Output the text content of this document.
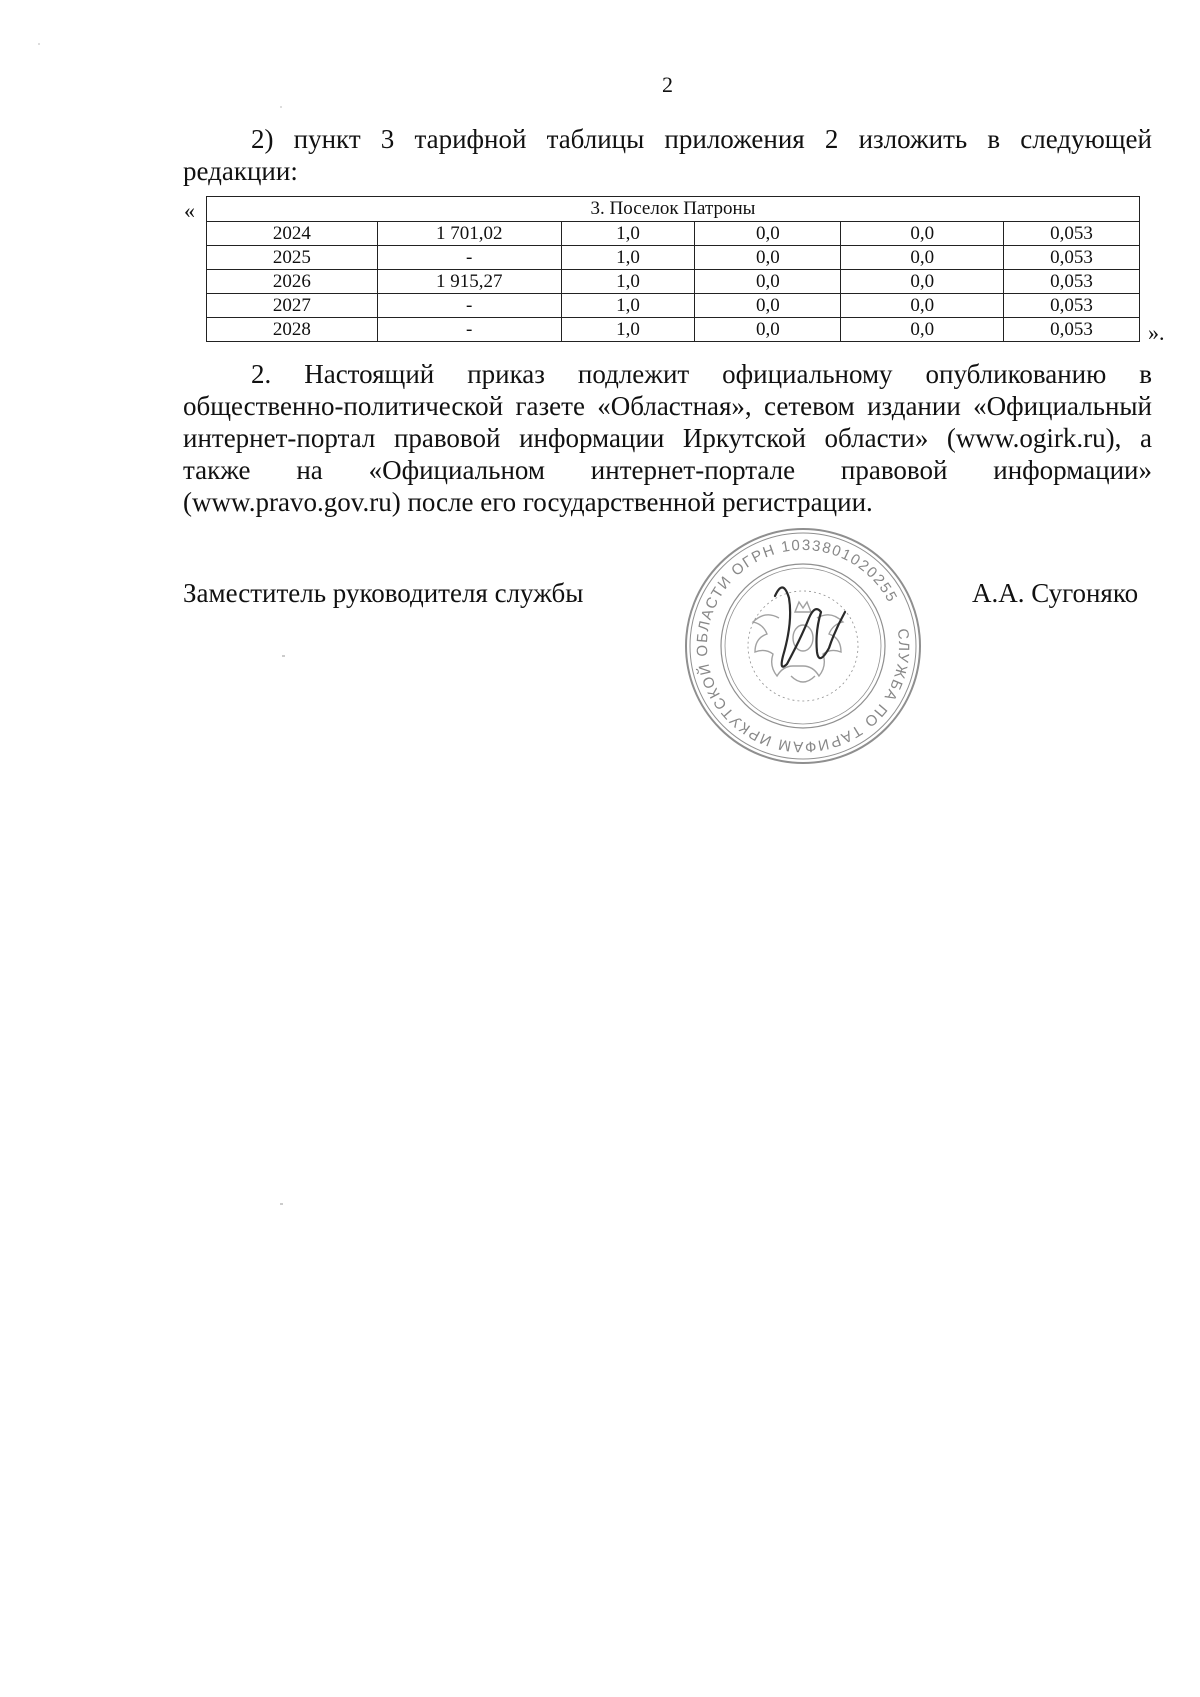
2
2) пункт 3 тарифной таблицы приложения 2 изложить в следующей редакции:
«	3. Поселок Патроны					
2024	1 701,02	1,0	0,0	0,0	0,053
2025	-	1,0	0,0	0,0	0,053
2026	1 915,27	1,0	0,0	0,0	0,053
2027	-	1,0	0,0	0,0	0,053
2028	-	1,0	0,0	0,0	0,053	».
2. Настоящий приказ подлежит официальному опубликованию в общественно-политической газете «Областная», сетевом издании «Официальный интернет-портал правовой информации Иркутской области» (www.ogirk.ru), а также на «Официальном интернет-портале правовой информации» (www.pravo.gov.ru) после его государственной регистрации.
Заместитель руководителя службы	А.А. Сугоняко
СЛУЖБА ПО ТАРИФАМ ИРКУТСКОЙ ОБЛАСТИ ОГРН 1033801020255
